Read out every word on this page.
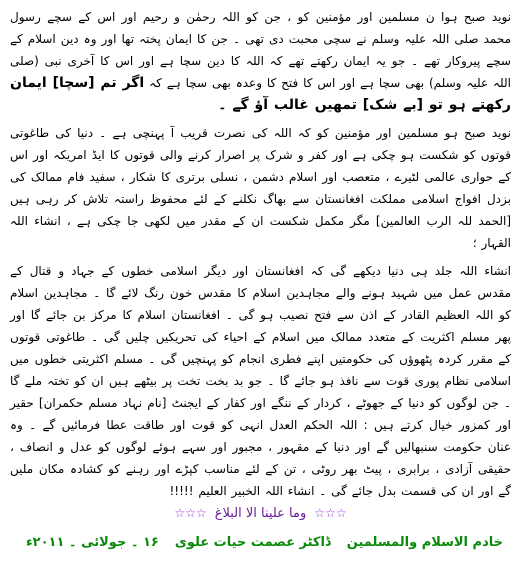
نوید صبح ہوا ن مسلمین اور مؤمنین کو ، جن کو اللہ رحمٰن و رحیم اور اس کے سچے رسول محمد صلی اللہ علیہ وسلم نے سچی محبت دی تھی ۔ جن کا ایمان پختہ تھا اور وہ دین اسلام کے سچے پیروکار تھے ۔ جو یہ ایمان رکھتے تھے کہ اللہ کا دین سچا ہے اور اس کا آخری نبی (صلی اللہ علیہ وسلم) بھی سچا ہے اور اس کا فتح کا وعدہ بھی سچا ہے کہ اگر تم [سچا] ایمان رکھتے ہو تو [بے شک] تمھیں غالب آؤ گے ۔

نوید صبح ہو مسلمین اور مؤمنین کو کہ اللہ کی نصرت قریب آ پہنچی ہے ۔ دنیا کی طاغوتی قوتوں کو شکست ہو چکی ہے اور کفر و شرک پر اصرار کرنے والی قوتوں کا ایڈ امریکہ اور اس کے حواری عالمی لٹیرے ، متعصب اور اسلام دشمن ، نسلی برتری کا شکار ، سفید فام ممالک کی بزدل افواج اسلامی مملکت افغانستان سے بھاگ نکلنے کے لئے محفوظ راستہ تلاش کر رہی ہیں [الحمد للہ الرب العالمین] مگر مکمل شکست ان کے مقدر میں لکھی جا چکی ہے ، انشاء اللہ القہار ؛

انشاء اللہ جلد ہی دنیا دیکھے گی کہ افغانستان اور دیگر اسلامی خطوں کے جہاد و قتال کے مقدس عمل میں شہید ہونے والے مجاہدین اسلام کا مقدس خون رنگ لائے گا ۔ مجاہدین اسلام کو اللہ العظیم القادر کے اذن سے فتح نصیب ہو گی ۔ افغانستان اسلام کا مرکز بن جائے گا اور پھر مسلم اکثریت کے متعدد ممالک میں اسلام کے احیاء کی تحریکیں چلیں گی ۔ طاغوتی قوتوں کے مقرر کردہ پٹھوؤں کی حکومتیں اپنے فطری انجام کو پہنچیں گی ۔ مسلم اکثریتی خطوں میں اسلامی نظام پوری قوت سے نافذ ہو جائے گا ۔ جو بد بخت تخت پر بیٹھے ہیں ان کو تختہ ملے گا ۔ جن لوگوں کو دنیا کے جھوٹے ، کردار کے ننگے اور کفار کے ایجنٹ [نام نہاد مسلم حکمران] حقیر اور کمزور خیال کرتے ہیں : اللہ الحکم العدل انہی کو قوت اور طاقت عطا فرمائیں گے ۔ وہ عنان حکومت سنبھالیں گے اور دنیا کے مقہور ، مجبور اور سہے ہوئے لوگوں کو عدل و انصاف ، حقیقی آزادی ، برابری ، پیٹ بھر روٹی ، تن کے لئے مناسب کپڑے اور رہنے کو کشادہ مکان ملیں گے اور ان کی قسمت بدل جائے گی ۔ انشاء اللہ الخبیر العلیم !!!!!

☆☆☆ وما علینا الا البلاغ ☆☆☆
خادم الاسلام والمسلمین
ڈاکٹر عصمت حیات علوی
۱۶ ۔ جولائی ۔ ۲۰۱۱ء
